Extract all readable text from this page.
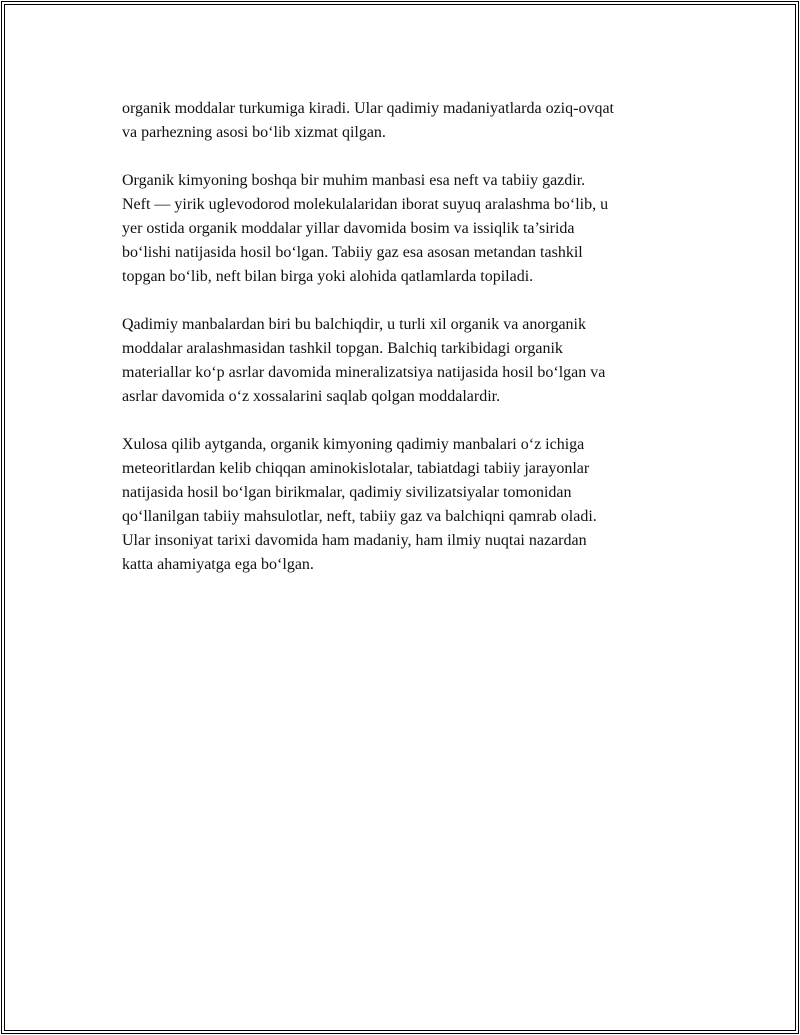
organik moddalar turkumiga kiradi. Ular qadimiy madaniyatlarda oziq-ovqat
va parhezning asosi bo‘lib xizmat qilgan.

Organik kimyoning boshqa bir muhim manbasi esa neft va tabiiy gazdir.
Neft — yirik uglevodorod molekulalaridan iborat suyuq aralashma bo‘lib, u
yer ostida organik moddalar yillar davomida bosim va issiqlik ta’sirida
bo‘lishi natijasida hosil bo‘lgan. Tabiiy gaz esa asosan metandan tashkil
topgan bo‘lib, neft bilan birga yoki alohida qatlamlarda topiladi.

Qadimiy manbalardan biri bu balchiqdir, u turli xil organik va anorganik
moddalar aralashmasidan tashkil topgan. Balchiq tarkibidagi organik
materiallar ko‘p asrlar davomida mineralizatsiya natijasida hosil bo‘lgan va
asrlar davomida o‘z xossalarini saqlab qolgan moddalardir.

Xulosa qilib aytganda, organik kimyoning qadimiy manbalari o‘z ichiga
meteoritlardan kelib chiqqan aminokislotalar, tabiatdagi tabiiy jarayonlar
natijasida hosil bo‘lgan birikmalar, qadimiy sivilizatsiyalar tomonidan
qo‘llanilgan tabiiy mahsulotlar, neft, tabiiy gaz va balchiqni qamrab oladi.
Ular insoniyat tarixi davomida ham madaniy, ham ilmiy nuqtai nazardan
katta ahamiyatga ega bo‘lgan.
